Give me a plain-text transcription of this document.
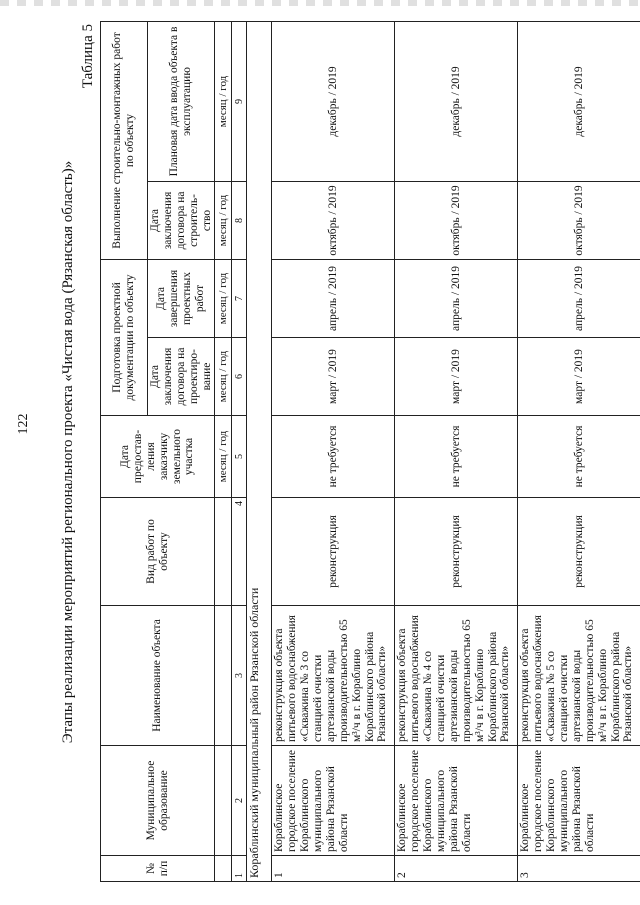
122 Этапы реализации мероприятий регионального проекта «Чистая вода (Рязанская область)»
Таблица 5
№ п/п	Муниципальное образование	Наименование объекта	Вид работ по объекту	Дата предостав-ления заказчику земельного участка	Подготовка проектной документации по объекту		Выполнение строительно-монтажных работ по объекту	
					Дата заключения договора на проектиро-вание	Дата завершения проектных работ	Дата заключения договора на строитель-ство	Плановая дата ввода объекта в эксплуатацию
				месяц / год	месяц / год	месяц / год	месяц / год	месяц / год
1	2	3	4	5	6	7	8	9
Кораблинский муниципальный район Рязанской области								
1	Кораблинское городское поселение Кораблинского муниципального района Рязанской области	реконструкция объекта питьевого водоснабжения «Скважина № 3 со станцией очистки артезианской воды производительностью 65 м³/ч в г. Кораблино Кораблинского района Рязанской области»	реконструкция	не требуется	март / 2019	апрель / 2019	октябрь / 2019	декабрь / 2019
2	Кораблинское городское поселение Кораблинского муниципального района Рязанской области	реконструкция объекта питьевого водоснабжения «Скважина № 4 со станцией очистки артезианской воды производительностью 65 м³/ч в г. Кораблино Кораблинского района Рязанской области»	реконструкция	не требуется	март / 2019	апрель / 2019	октябрь / 2019	декабрь / 2019
3	Кораблинское городское поселение Кораблинского муниципального района Рязанской области	реконструкция объекта питьевого водоснабжения «Скважина № 5 со станцией очистки артезианской воды производительностью 65 м³/ч в г. Кораблино Кораблинского района Рязанской области»	реконструкция	не требуется	март / 2019	апрель / 2019	октябрь / 2019	декабрь / 2019
